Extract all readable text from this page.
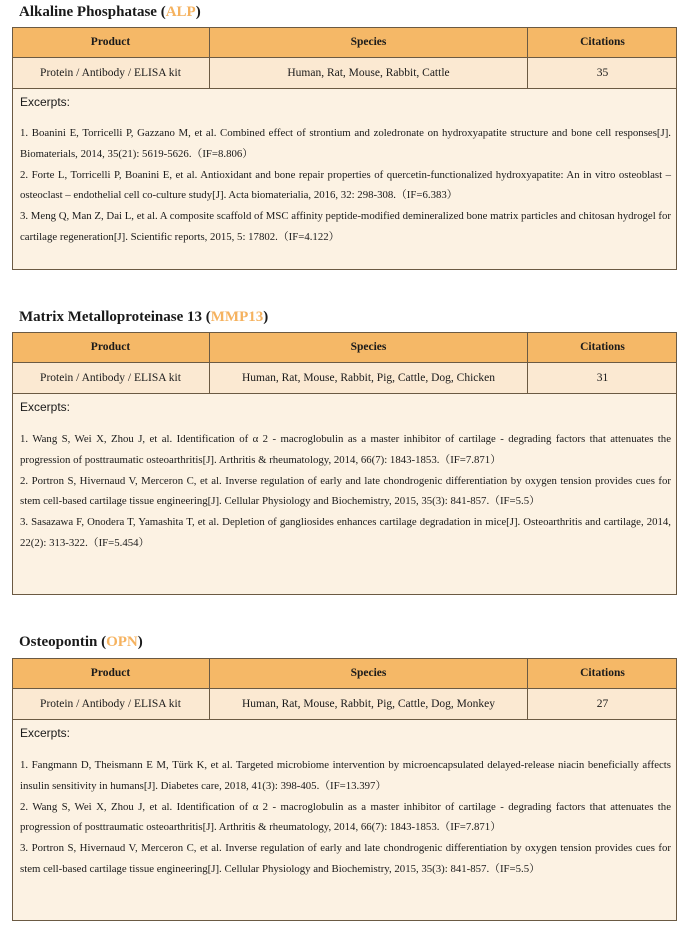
Alkaline Phosphatase (ALP)
Product	Species	Citations
Protein / Antibody / ELISA kit	Human, Rat, Mouse, Rabbit, Cattle	35
Excerpts:

1. Boanini E, Torricelli P, Gazzano M, et al. Combined effect of strontium and zoledronate on hydroxyapatite structure and bone cell responses[J]. Biomaterials, 2014, 35(21): 5619-5626.（IF=8.806）

2. Forte L, Torricelli P, Boanini E, et al. Antioxidant and bone repair properties of quercetin-functionalized hydroxyapatite: An in vitro osteoblast – osteoclast – endothelial cell co-culture study[J]. Acta biomaterialia, 2016, 32: 298-308.（IF=6.383）

3. Meng Q, Man Z, Dai L, et al. A composite scaffold of MSC affinity peptide-modified demineralized bone matrix particles and chitosan hydrogel for cartilage regeneration[J]. Scientific reports, 2015, 5: 17802.（IF=4.122）

Matrix Metalloproteinase 13 (MMP13)
Product	Species	Citations
Protein / Antibody / ELISA kit	Human, Rat, Mouse, Rabbit, Pig, Cattle, Dog, Chicken	31
Excerpts:

1. Wang S, Wei X, Zhou J, et al. Identification of α 2 - macroglobulin as a master inhibitor of cartilage - degrading factors that attenuates the progression of posttraumatic osteoarthritis[J]. Arthritis & rheumatology, 2014, 66(7): 1843-1853.（IF=7.871）

2. Portron S, Hivernaud V, Merceron C, et al. Inverse regulation of early and late chondrogenic differentiation by oxygen tension provides cues for stem cell-based cartilage tissue engineering[J]. Cellular Physiology and Biochemistry, 2015, 35(3): 841-857.（IF=5.5）

3. Sasazawa F, Onodera T, Yamashita T, et al. Depletion of gangliosides enhances cartilage degradation in mice[J]. Osteoarthritis and cartilage, 2014, 22(2): 313-322.（IF=5.454）

Osteopontin (OPN)
Product	Species	Citations
Protein / Antibody / ELISA kit	Human, Rat, Mouse, Rabbit, Pig, Cattle, Dog, Monkey	27
Excerpts:

1. Fangmann D, Theismann E M, Türk K, et al. Targeted microbiome intervention by microencapsulated delayed-release niacin beneficially affects insulin sensitivity in humans[J]. Diabetes care, 2018, 41(3): 398-405.（IF=13.397）

2. Wang S, Wei X, Zhou J, et al. Identification of α 2 - macroglobulin as a master inhibitor of cartilage - degrading factors that attenuates the progression of posttraumatic osteoarthritis[J]. Arthritis & rheumatology, 2014, 66(7): 1843-1853.（IF=7.871）

3. Portron S, Hivernaud V, Merceron C, et al. Inverse regulation of early and late chondrogenic differentiation by oxygen tension provides cues for stem cell-based cartilage tissue engineering[J]. Cellular Physiology and Biochemistry, 2015, 35(3): 841-857.（IF=5.5）
